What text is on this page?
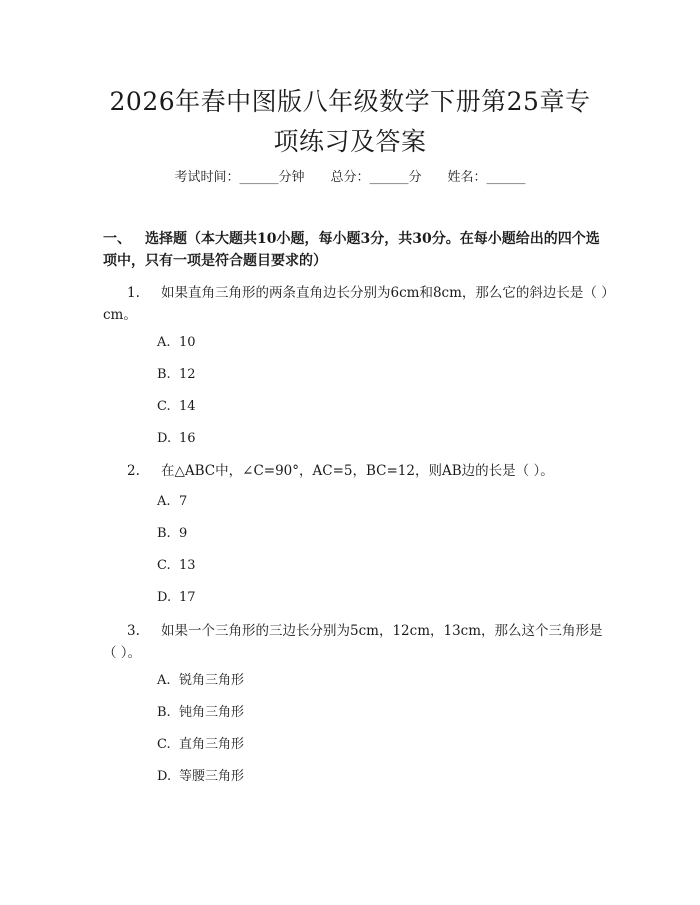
2026年春中图版八年级数学下册第25章专
项练习及答案
考试时间：______分钟 总分：______分 姓名：______
一、 选择题（本大题共10小题，每小题3分，共30分。在每小题给出的四个选项中，只有一项是符合题目要求的）
1. 如果直角三角形的两条直角边长分别为6cm和8cm，那么它的斜边长是（ ）cm。
A. 10
B. 12
C. 14
D. 16
2. 在△ABC中，∠C=90°，AC=5，BC=12，则AB边的长是（ ）。
A. 7
B. 9
C. 13
D. 17
3. 如果一个三角形的三边长分别为5cm，12cm，13cm，那么这个三角形是（ ）。
A. 锐角三角形
B. 钝角三角形
C. 直角三角形
D. 等腰三角形
